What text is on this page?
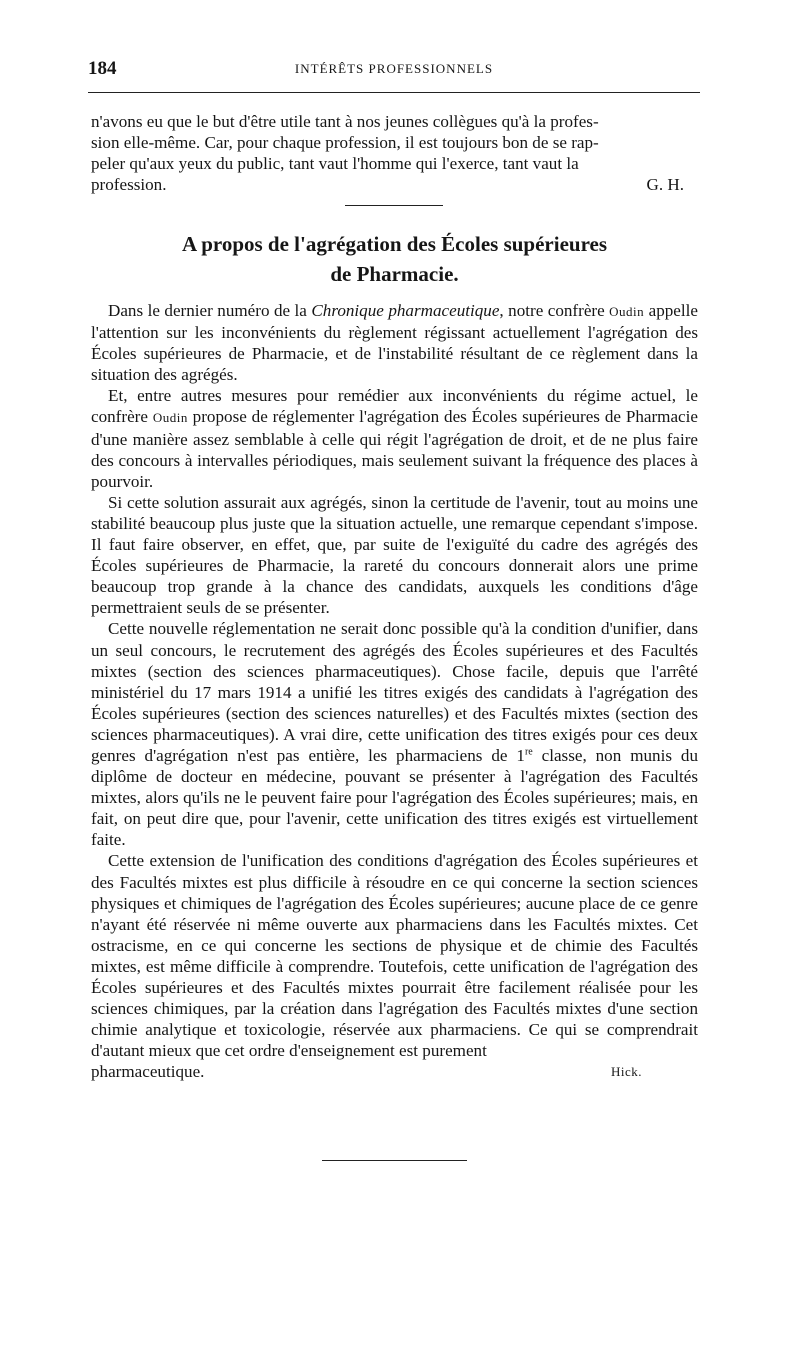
184	INTÉRÊTS PROFESSIONNELS
n'avons eu que le but d'être utile tant à nos jeunes collègues qu'à la profes-
sion elle-même. Car, pour chaque profession, il est toujours bon de se rap-
peler qu'aux yeux du public, tant vaut l'homme qui l'exerce, tant vaut la
profession.	G. H.
A propos de l'agrégation des Écoles supérieures
de Pharmacie.

Dans le dernier numéro de la Chronique pharmaceutique, notre confrère Oudin appelle l'attention sur les inconvénients du règlement régissant actuellement l'agrégation des Écoles supérieures de Pharmacie, et de l'instabilité résultant de ce règlement dans la situation des agrégés.

Et, entre autres mesures pour remédier aux inconvénients du régime actuel, le confrère Oudin propose de réglementer l'agrégation des Écoles supérieures de Pharmacie d'une manière assez semblable à celle qui régit l'agrégation de droit, et de ne plus faire des concours à intervalles périodiques, mais seulement suivant la fréquence des places à pourvoir.

Si cette solution assurait aux agrégés, sinon la certitude de l'avenir, tout au moins une stabilité beaucoup plus juste que la situation actuelle, une remarque cependant s'impose. Il faut faire observer, en effet, que, par suite de l'exiguïté du cadre des agrégés des Écoles supérieures de Pharmacie, la rareté du concours donnerait alors une prime beaucoup trop grande à la chance des candidats, auxquels les conditions d'âge permettraient seuls de se présenter.

Cette nouvelle réglementation ne serait donc possible qu'à la condition d'unifier, dans un seul concours, le recrutement des agrégés des Écoles supérieures et des Facultés mixtes (section des sciences pharmaceutiques). Chose facile, depuis que l'arrêté ministériel du 17 mars 1914 a unifié les titres exigés des candidats à l'agrégation des Écoles supérieures (section des sciences naturelles) et des Facultés mixtes (section des sciences pharmaceutiques). A vrai dire, cette unification des titres exigés pour ces deux genres d'agrégation n'est pas entière, les pharmaciens de 1re classe, non munis du diplôme de docteur en médecine, pouvant se présenter à l'agrégation des Facultés mixtes, alors qu'ils ne le peuvent faire pour l'agrégation des Écoles supérieures; mais, en fait, on peut dire que, pour l'avenir, cette unification des titres exigés est virtuellement faite.

Cette extension de l'unification des conditions d'agrégation des Écoles supérieures et des Facultés mixtes est plus difficile à résoudre en ce qui concerne la section sciences physiques et chimiques de l'agrégation des Écoles supérieures; aucune place de ce genre n'ayant été réservée ni même ouverte aux pharmaciens dans les Facultés mixtes. Cet ostracisme, en ce qui concerne les sections de physique et de chimie des Facultés mixtes, est même difficile à comprendre. Toutefois, cette unification de l'agrégation des Écoles supérieures et des Facultés mixtes pourrait être facilement réalisée pour les sciences chimiques, par la création dans l'agrégation des Facultés mixtes d'une section chimie analytique et toxicologie, réservée aux pharmaciens. Ce qui se comprendrait d'autant mieux que cet ordre d'enseignement est purement

pharmaceutique.	Hick.
